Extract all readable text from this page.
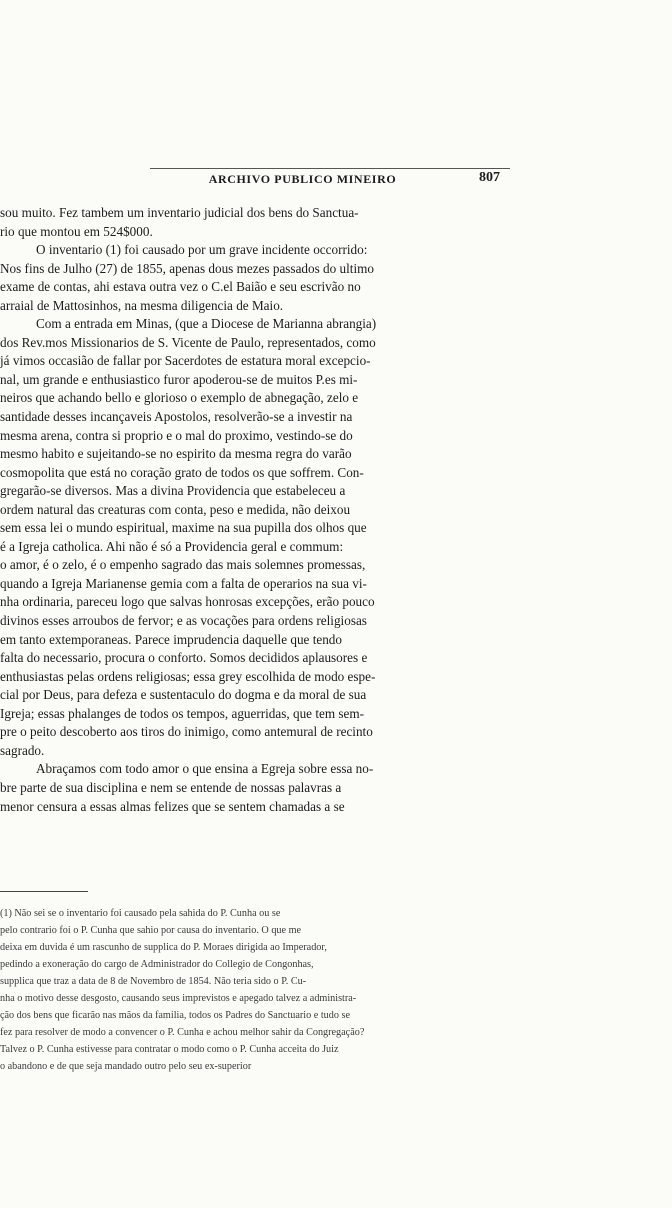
ARCHIVO PUBLICO MINEIRO	807
sou muito. Fez tambem um inventario judicial dos bens do Sanctua-
rio que montou em 524$000.
O inventario (1) foi causado por um grave incidente occorrido:
Nos fins de Julho (27) de 1855, apenas dous mezes passados do ultimo
exame de contas, ahi estava outra vez o C.el Baião e seu escrivão no
arraial de Mattosinhos, na mesma diligencia de Maio.
Com a entrada em Minas, (que a Diocese de Marianna abrangia)
dos Rev.mos Missionarios de S. Vicente de Paulo, representados, como
já vimos occasião de fallar por Sacerdotes de estatura moral excepcio-
nal, um grande e enthusiastico furor apoderou-se de muitos P.es mi-
neiros que achando bello e glorioso o exemplo de abnegação, zelo e
santidade desses incançaveis Apostolos, resolverão-se a investir na
mesma arena, contra si proprio e o mal do proximo, vestindo-se do
mesmo habito e sujeitando-se no espirito da mesma regra do varão
cosmopolita que está no coração grato de todos os que soffrem. Con-
gregarão-se diversos. Mas a divina Providencia que estabeleceu a
ordem natural das creaturas com conta, peso e medida, não deixou
sem essa lei o mundo espiritual, maxime na sua pupilla dos olhos que
é a Igreja catholica. Ahi não é só a Providencia geral e commum:
o amor, é o zelo, é o empenho sagrado das mais solemnes promessas,
quando a Igreja Marianense gemia com a falta de operarios na sua vi-
nha ordinaria, pareceu logo que salvas honrosas excepções, erão pouco
divinos esses arroubos de fervor; e as vocações para ordens religiosas
em tanto extemporaneas. Parece imprudencia daquelle que tendo
falta do necessario, procura o conforto. Somos decididos aplausores e
enthusiastas pelas ordens religiosas; essa grey escolhida de modo espe-
cial por Deus, para defeza e sustentaculo do dogma e da moral de sua
Igreja; essas phalanges de todos os tempos, aguerridas, que tem sem-
pre o peito descoberto aos tiros do inimigo, como antemural de recinto
sagrado.
Abraçamos com todo amor o que ensina a Egreja sobre essa no-
bre parte de sua disciplina e nem se entende de nossas palavras a
menor censura a essas almas felizes que se sentem chamadas a se
(1) Não sei se o inventario foi causado pela sahida do P. Cunha ou se
pelo contrario foi o P. Cunha que sahio por causa do inventario. O que me
deixa em duvida é um rascunho de supplica do P. Moraes dirigida ao Imperador,
pedindo a exoneração do cargo de Administrador do Collegio de Congonhas,
supplica que traz a data de 8 de Novembro de 1854. Não teria sido o P. Cu-
nha o motivo desse desgosto, causando seus imprevistos e apegado talvez a administra-
ção dos bens que ficarão nas mãos da familia, todos os Padres do Sanctuario e tudo se
fez para resolver de modo a convencer o P. Cunha e achou melhor sahir da Congregação?
Talvez o P. Cunha estivesse para contratar o modo como o P. Cunha acceita do Juiz
o abandono e de que seja mandado outro pelo seu ex-superior
